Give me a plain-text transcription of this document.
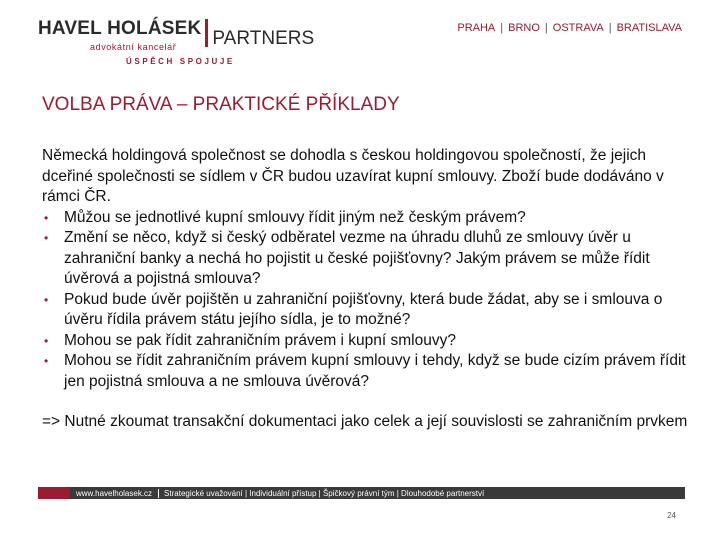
HAVEL HOLÁSEK
advokátní kancelář	PARTNERS
ÚSPĚCH SPOJUJE
PRAHA | BRNO | OSTRAVA | BRATISLAVA
VOLBA PRÁVA – PRAKTICKÉ PŘÍKLADY

Německá holdingová společnost se dohodla s českou holdingovou společností, že jejich dceřiné společnosti se sídlem v ČR budou uzavírat kupní smlouvy. Zboží bude dodáváno v rámci ČR.

• Můžou se jednotlivé kupní smlouvy řídit jiným než českým právem?
• Změní se něco, když si český odběratel vezme na úhradu dluhů ze smlouvy úvěr u zahraniční banky a nechá ho pojistit u české pojišťovny? Jakým právem se může řídit úvěrová a pojistná smlouva?
• Pokud bude úvěr pojištěn u zahraniční pojišťovny, která bude žádat, aby se i smlouva o úvěru řídila právem státu jejího sídla, je to možné?
• Mohou se pak řídit zahraničním právem i kupní smlouvy?
• Mohou se řídit zahraničním právem kupní smlouvy i tehdy, když se bude cizím právem řídit jen pojistná smlouva a ne smlouva úvěrová?

=> Nutné zkoumat transakční dokumentaci jako celek a její souvislosti se zahraničním prvkem

www.havelholasek.cz	Strategické uvažování | Individuální přístup | Špičkový právní tým | Dlouhodobé partnerství
24
